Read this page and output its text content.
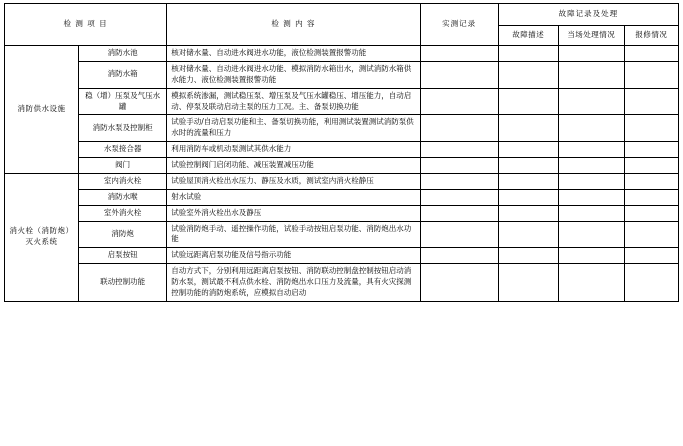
检 测 项 目		检 测 内 容	实测记录	故障记录及处理		
				故障描述	当场处理情况	报修情况
消防供水设施	消防水池	核对储水量、自动进水阀进水功能，液位检测装置报警功能				
	消防水箱	核对储水量、自动进水阀进水功能、模拟消防水箱出水，测试消防水箱供水能力、液位检测装置报警功能				
	稳（增）压泵及气压水罐	模拟系统渗漏，测试稳压泵、增压泵及气压水罐稳压、增压能力，自动启动、停泵及联动启动主泵的压力工况。主、备泵切换功能				
	消防水泵及控制柜	试验手动/自动启泵功能和主、备泵切换功能，利用测试装置测试消防泵供水时的流量和压力				
	水泵接合器	利用消防车或机动泵测试其供水能力				
	阀门	试验控制阀门启闭功能、减压装置减压功能				
消火栓（消防炮）灭火系统	室内消火栓	试验屋顶消火栓出水压力、静压及水质，测试室内消火栓静压				
	消防水喉	射水试验				
	室外消火栓	试验室外消火栓出水及静压				
	消防炮	试验消防炮手动、遥控操作功能，试验手动按钮启泵功能、消防炮出水功能				
	启泵按钮	试验远距离启泵功能及信号指示功能				
	联动控制功能	自动方式下，分别利用远距离启泵按钮、消防联动控制盘控制按钮启动消防水泵，测试最不利点供水栓、消防炮出水口压力及流量，具有火灾探测控制功能的消防炮系统，应模拟自动启动				
